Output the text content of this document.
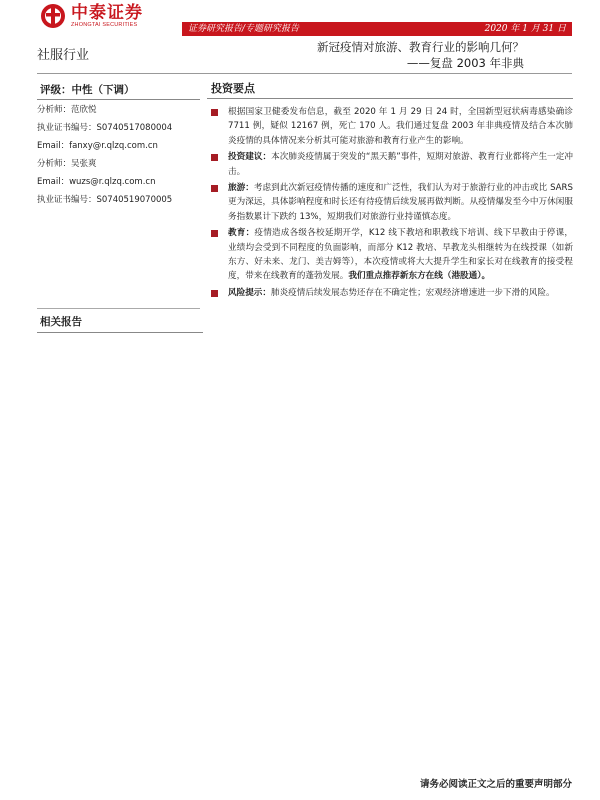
中泰证券
ZHONGTAI SECURITIES	证券研究报告/专题研究报告	2020 年 1 月 31 日
社服行业
新冠疫情对旅游、教育行业的影响几何？
——复盘 2003 年非典
评级：中性（下调）
分析师：范欣悦
执业证书编号：S0740517080004
Email：fanxy@r.qlzq.com.cn
分析师：吴张爽
Email：wuzs@r.qlzq.com.cn
执业证书编号：S0740519070005
相关报告
投资要点
根据国家卫健委发布信息，截至 2020 年 1 月 29 日 24 时，全国新型冠状病毒感染确诊 7711 例，疑似 12167 例，死亡 170 人。我们通过复盘 2003 年非典疫情及结合本次肺炎疫情的具体情况来分析其可能对旅游和教育行业产生的影响。
投资建议：本次肺炎疫情属于突发的“黑天鹅”事件，短期对旅游、教育行业都将产生一定冲击。
旅游：考虑到此次新冠疫情传播的速度和广泛性，我们认为对于旅游行业的冲击或比 SARS 更为深远，具体影响程度和时长还有待疫情后续发展再做判断。从疫情爆发至今中万休闲服务指数累计下跌约 13%，短期我们对旅游行业持谨慎态度。
教育：疫情造成各级各校延期开学，K12 线下教培和职教线下培训、线下早教由于停课，业绩均会受到不同程度的负面影响，而部分 K12 教培、早教龙头相继转为在线授课（如新东方、好未来、龙门、美吉姆等），本次疫情或将大大提升学生和家长对在线教育的接受程度，带来在线教育的蓬勃发展。我们重点推荐新东方在线（港股通）。
风险提示：肺炎疫情后续发展态势还存在不确定性；宏观经济增速进一步下滑的风险。
请务必阅读正文之后的重要声明部分
